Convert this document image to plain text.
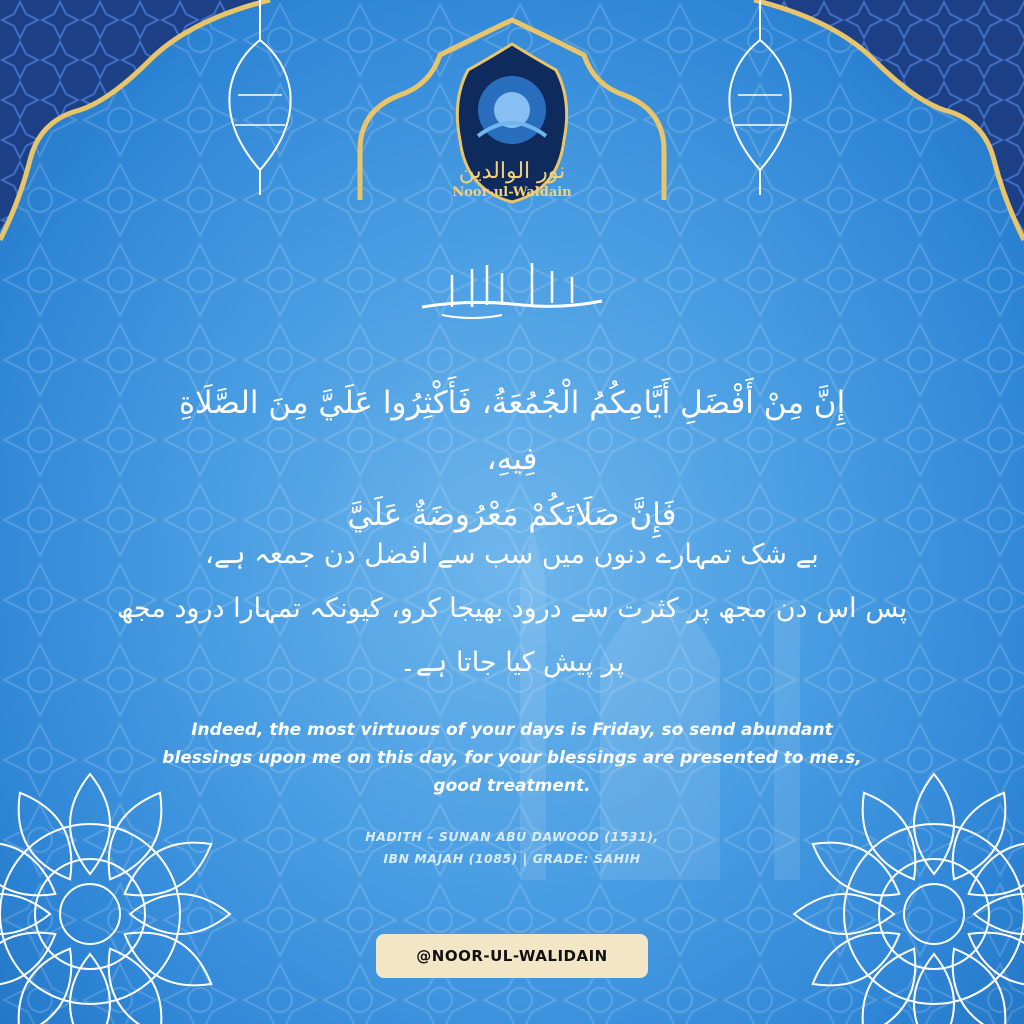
نور الوالدين
Noor-ul-Waldain
إِنَّ مِنْ أَفْضَلِ أَيَّامِكُمُ الْجُمُعَةُ، فَأَكْثِرُوا عَلَيَّ مِنَ الصَّلَاةِ فِيهِ،
فَإِنَّ صَلَاتَكُمْ مَعْرُوضَةٌ عَلَيَّ
بے شک تمہارے دنوں میں سب سے افضل دن جمعہ ہے،
پس اس دن مجھ پر کثرت سے درود بھیجا کرو، کیونکہ تمہارا درود مجھ
پر پیش کیا جاتا ہے۔
Indeed, the most virtuous of your days is Friday, so send abundant
blessings upon me on this day, for your blessings are presented to me.s,
good treatment.
HADITH – SUNAN ABU DAWOOD (1531),
IBN MAJAH (1085) | GRADE: SAHIH
@NOOR-UL-WALIDAIN
